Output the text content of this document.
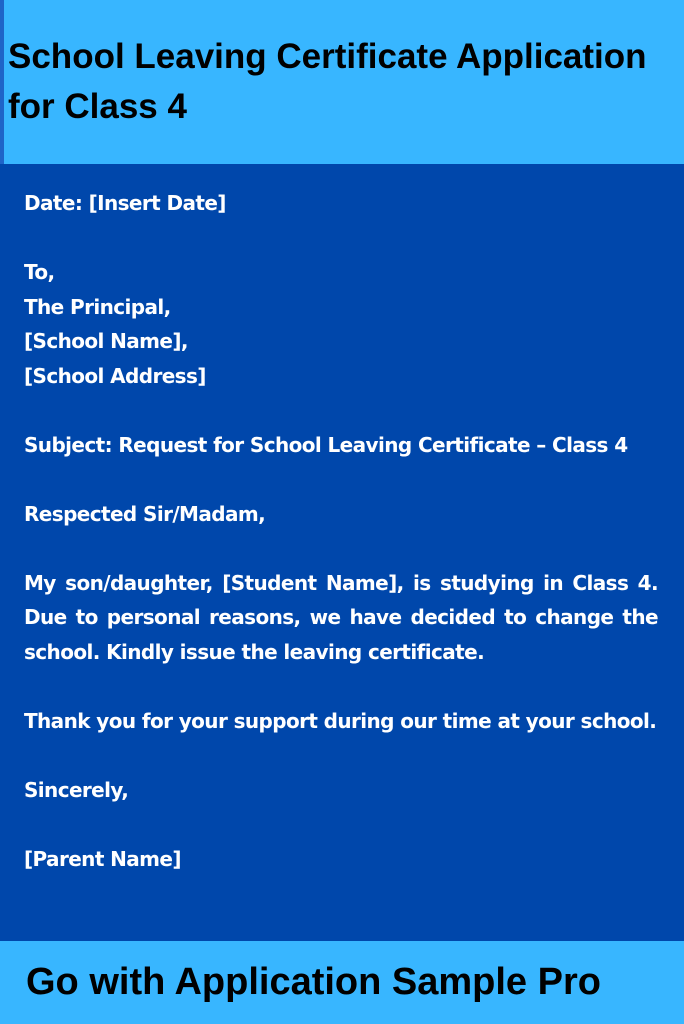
School Leaving Certificate Application for Class 4

Date: [Insert Date]

To,

The Principal,

[School Name],

[School Address]

Subject: Request for School Leaving Certificate – Class 4

Respected Sir/Madam,

My son/daughter, [Student Name], is studying in Class 4. Due to personal reasons, we have decided to change the school. Kindly issue the leaving certificate.

Thank you for your support during our time at your school.

Sincerely,

[Parent Name]

Go with Application Sample Pro
